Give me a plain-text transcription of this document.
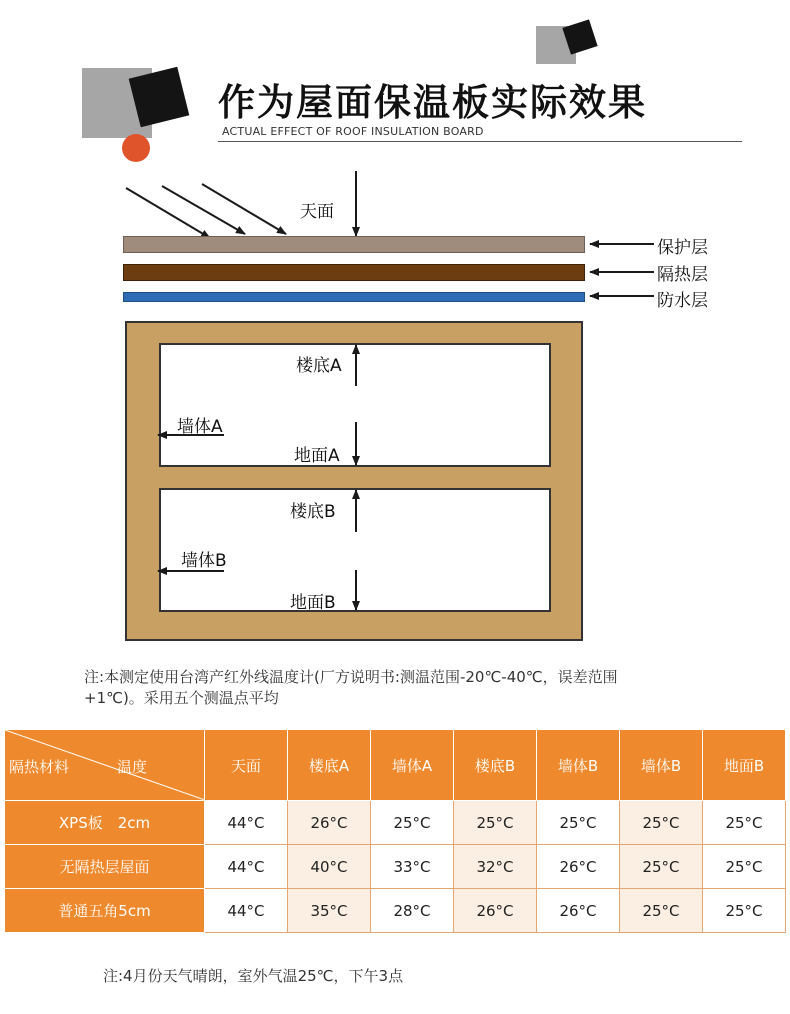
作为屋面保温板实际效果
ACTUAL EFFECT OF ROOF INSULATION BOARD
天面
保护层
隔热层
防水层
楼底A
墙体A
地面A
楼底B
墙体B
地面B
注:本测定使用台湾产红外线温度计(厂方说明书:测温范围-20℃-40℃，误差范围
+1℃)。采用五个测温点平均
隔热材料 温度	天面	楼底A	墙体A	楼底B	墙体B	墙体B	地面B
XPS板　2cm	44°C	26°C	25°C	25°C	25°C	25°C	25°C
无隔热层屋面	44°C	40°C	33°C	32°C	26°C	25°C	25°C
普通五角5cm	44°C	35°C	28°C	26°C	26°C	25°C	25°C
注:4月份天气晴朗，室外气温25℃，下午3点
